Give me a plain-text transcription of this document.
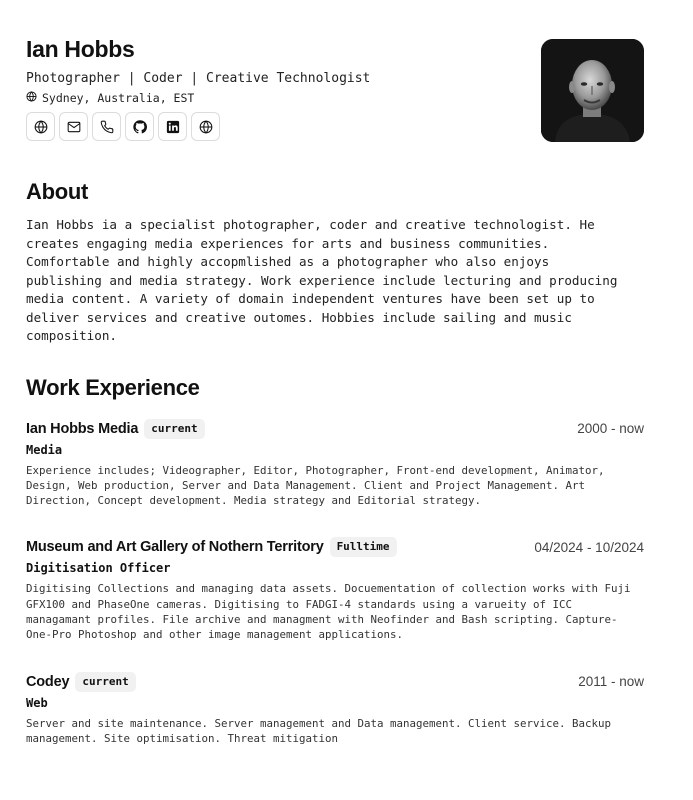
Ian Hobbs
Photographer | Coder | Creative Technologist
Sydney, Australia, EST
About
Ian Hobbs ia a specialist photographer, coder and creative technologist. He
creates engaging media experiences for arts and business communities.
Comfortable and highly accopmlished as a photographer who also enjoys
publishing and media strategy. Work experience include lecturing and producing
media content. A variety of domain independent ventures have been set up to
deliver services and creative outomes. Hobbies include sailing and music
composition.
Work Experience
Ian Hobbs Media	current	2000 - now
Media
Experience includes; Videographer, Editor, Photographer, Front-end development, Animator,
Design, Web production, Server and Data Management. Client and Project Management. Art
Direction, Concept development. Media strategy and Editorial strategy.
Museum and Art Gallery of Nothern Territory	Fulltime	04/2024 - 10/2024
Digitisation Officer
Digitising Collections and managing data assets. Docuementation of collection works with Fuji
GFX100 and PhaseOne cameras. Digitising to FADGI-4 standards using a varueity of ICC
managamant profiles. File archive and managment with Neofinder and Bash scripting. Capture-
One-Pro Photoshop and other image management applications.
Codey	current	2011 - now
Web
Server and site maintenance. Server management and Data management. Client service. Backup
management. Site optimisation. Threat mitigation
